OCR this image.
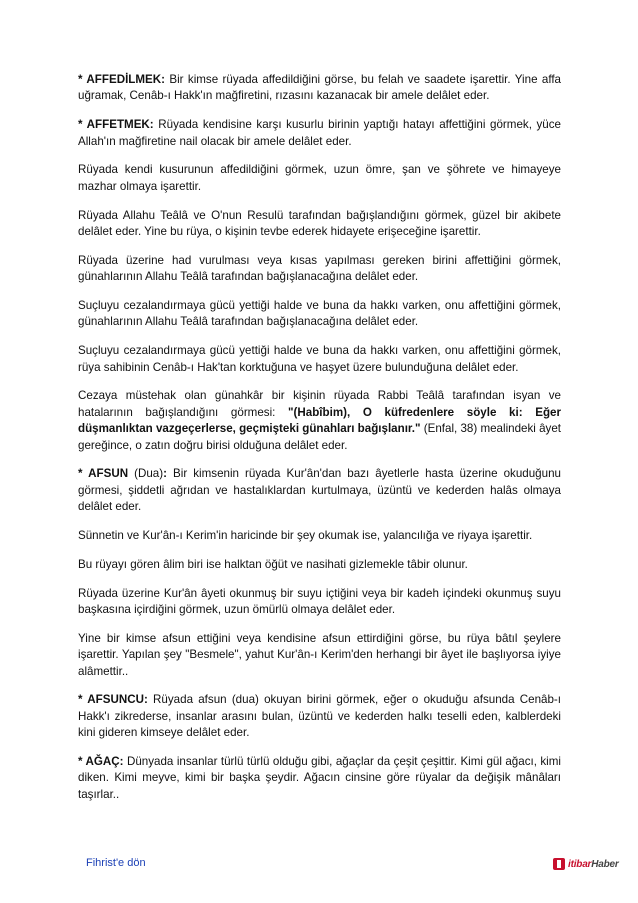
* AFFEDİLMEK: Bir kimse rüyada affedildiğini görse, bu felah ve saadete işarettir. Yine affa uğramak, Cenâb-ı Hakk'ın mağfiretini, rızasını kazanacak bir amele delâlet eder.

* AFFETMEK: Rüyada kendisine karşı kusurlu birinin yaptığı hatayı affettiğini görmek, yüce Allah'ın mağfiretine nail olacak bir amele delâlet eder.

Rüyada kendi kusurunun affedildiğini görmek, uzun ömre, şan ve şöhrete ve himayeye mazhar olmaya işarettir.

Rüyada Allahu Teâlâ ve O'nun Resulü tarafından bağışlandığını görmek, güzel bir akibete delâlet eder. Yine bu rüya, o kişinin tevbe ederek hidayete erişeceğine işarettir.

Rüyada üzerine had vurulması veya kısas yapılması gereken birini affettiğini görmek, günahlarının Allahu Teâlâ tarafından bağışlanacağına delâlet eder.

Suçluyu cezalandırmaya gücü yettiği halde ve buna da hakkı varken, onu affettiğini görmek, günahlarının Allahu Teâlâ tarafından bağışlanacağına delâlet eder.

Suçluyu cezalandırmaya gücü yettiği halde ve buna da hakkı varken, onu affettiğini görmek, rüya sahibinin Cenâb-ı Hak'tan korktuğuna ve haşyet üzere bulunduğuna delâlet eder.

Cezaya müstehak olan günahkâr bir kişinin rüyada Rabbi Teâlâ tarafından isyan ve hatalarının bağışlandığını görmesi: "(Habîbim), O küfredenlere söyle ki: Eğer düşmanlıktan vazgeçerlerse, geçmişteki günahları bağışlanır." (Enfal, 38) mealindeki âyet gereğince, o zatın doğru birisi olduğuna delâlet eder.

* AFSUN (Dua): Bir kimsenin rüyada Kur'ân'dan bazı âyetlerle hasta üzerine okuduğunu görmesi, şiddetli ağrıdan ve hastalıklardan kurtulmaya, üzüntü ve kederden halâs olmaya delâlet eder.

Sünnetin ve Kur'ân-ı Kerim'in haricinde bir şey okumak ise, yalancılığa ve riyaya işarettir.

Bu rüyayı gören âlim biri ise halktan öğüt ve nasihati gizlemekle tâbir olunur.

Rüyada üzerine Kur'ân âyeti okunmuş bir suyu içtiğini veya bir kadeh içindeki okunmuş suyu başkasına içirdiğini görmek, uzun ömürlü olmaya delâlet eder.

Yine bir kimse afsun ettiğini veya kendisine afsun ettirdiğini görse, bu rüya bâtıl şeylere işarettir. Yapılan şey "Besmele", yahut Kur'ân-ı Kerim'den herhangi bir âyet ile başlıyorsa iyiye alâmettir..

* AFSUNCU: Rüyada afsun (dua) okuyan birini görmek, eğer o okuduğu afsunda Cenâb-ı Hakk'ı zikrederse, insanlar arasını bulan, üzüntü ve kederden halkı teselli eden, kalblerdeki kini gideren kimseye delâlet eder.

* AĞAÇ: Dünyada insanlar türlü türlü olduğu gibi, ağaçlar da çeşit çeşittir. Kimi gül ağacı, kimi diken. Kimi meyve, kimi bir başka şeydir. Ağacın cinsine göre rüyalar da değişik mânâları taşırlar..

Fihrist'e dön	itibarHaber
